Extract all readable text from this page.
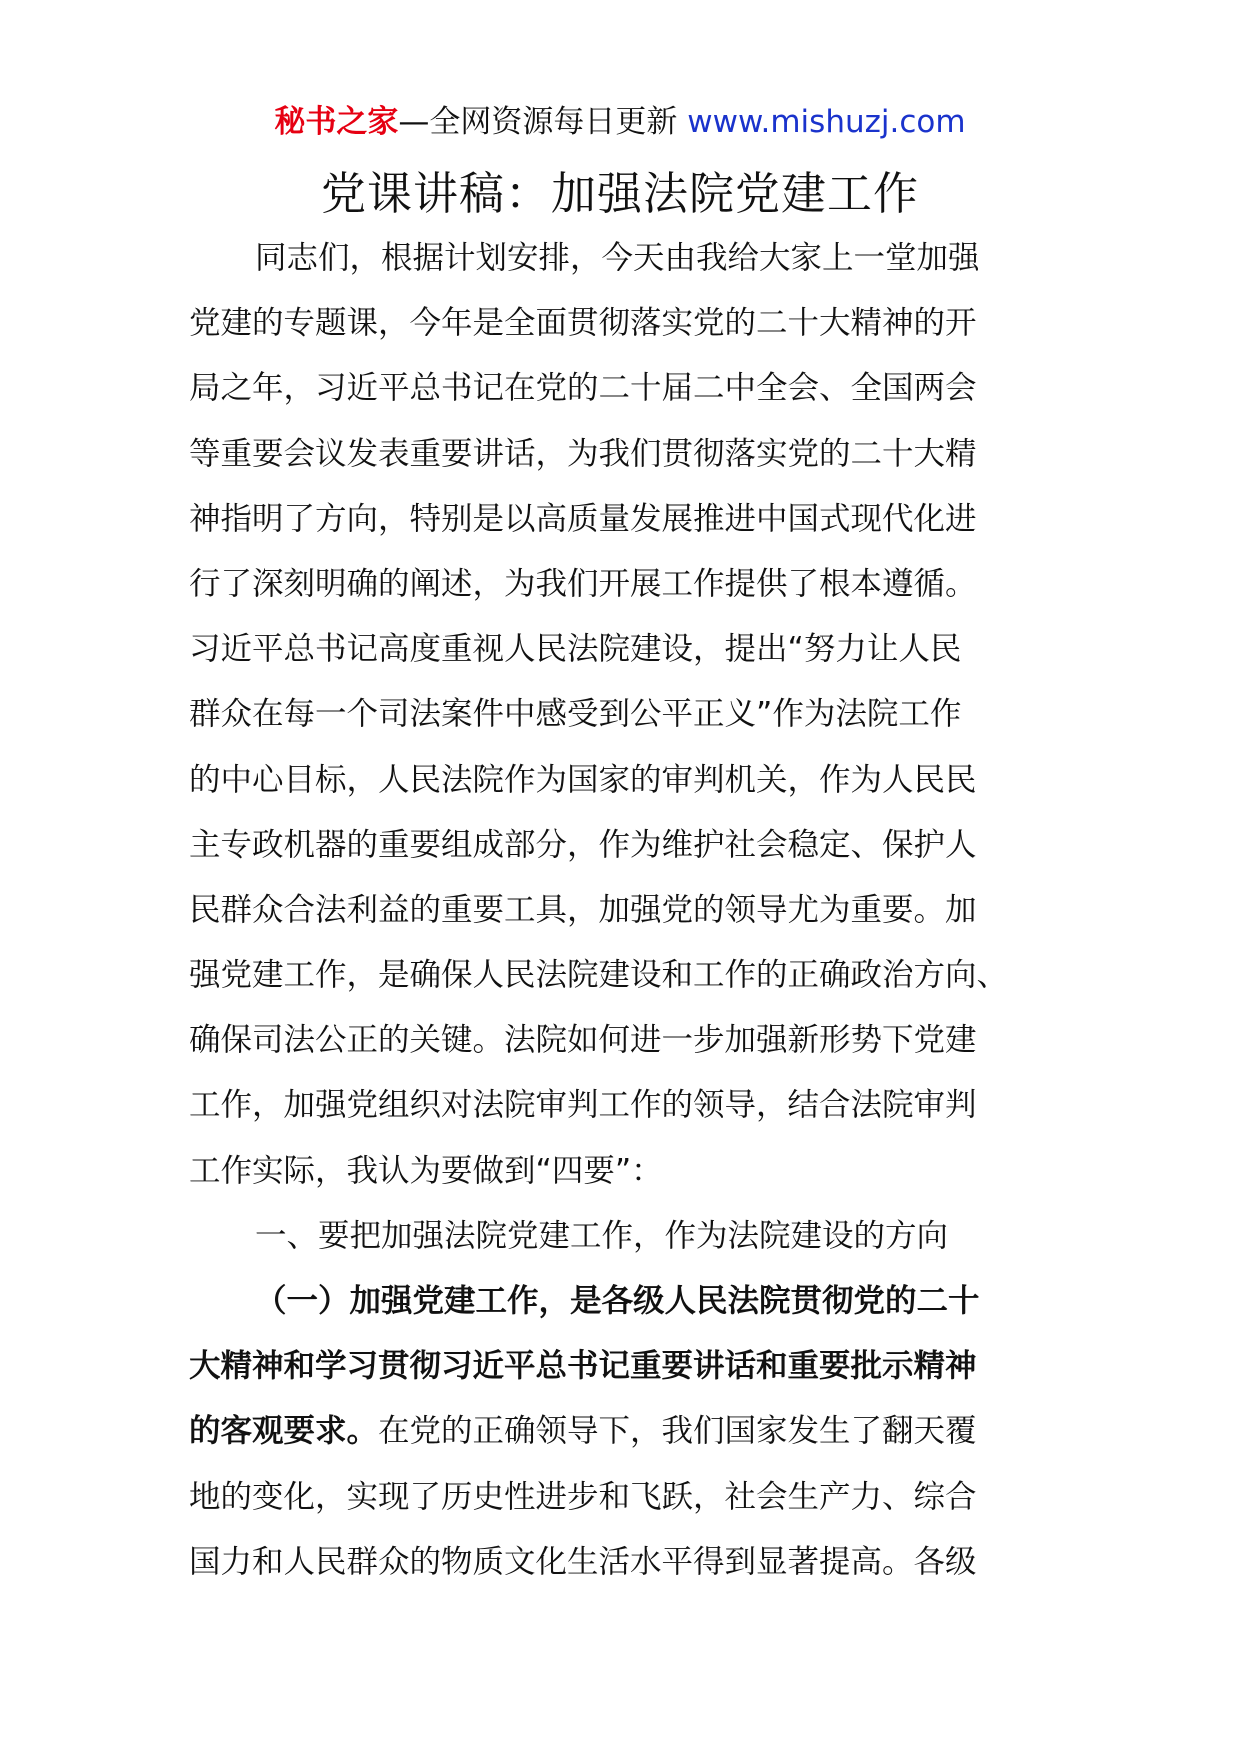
秘书之家—全网资源每日更新 www.mishuzj.com
党课讲稿：加强法院党建工作
同志们，根据计划安排，今天由我给大家上一堂加强
党建的专题课，今年是全面贯彻落实党的二十大精神的开
局之年，习近平总书记在党的二十届二中全会、全国两会
等重要会议发表重要讲话，为我们贯彻落实党的二十大精
神指明了方向，特别是以高质量发展推进中国式现代化进
行了深刻明确的阐述，为我们开展工作提供了根本遵循。
习近平总书记高度重视人民法院建设，提出“努力让人民
群众在每一个司法案件中感受到公平正义”作为法院工作
的中心目标，人民法院作为国家的审判机关，作为人民民
主专政机器的重要组成部分，作为维护社会稳定、保护人
民群众合法利益的重要工具，加强党的领导尤为重要。加
强党建工作，是确保人民法院建设和工作的正确政治方向、
确保司法公正的关键。法院如何进一步加强新形势下党建
工作，加强党组织对法院审判工作的领导，结合法院审判
工作实际，我认为要做到“四要”：
一、要把加强法院党建工作，作为法院建设的方向
（一）加强党建工作，是各级人民法院贯彻党的二十
大精神和学习贯彻习近平总书记重要讲话和重要批示精神
的客观要求。在党的正确领导下，我们国家发生了翻天覆
地的变化，实现了历史性进步和飞跃，社会生产力、综合
国力和人民群众的物质文化生活水平得到显著提高。各级
